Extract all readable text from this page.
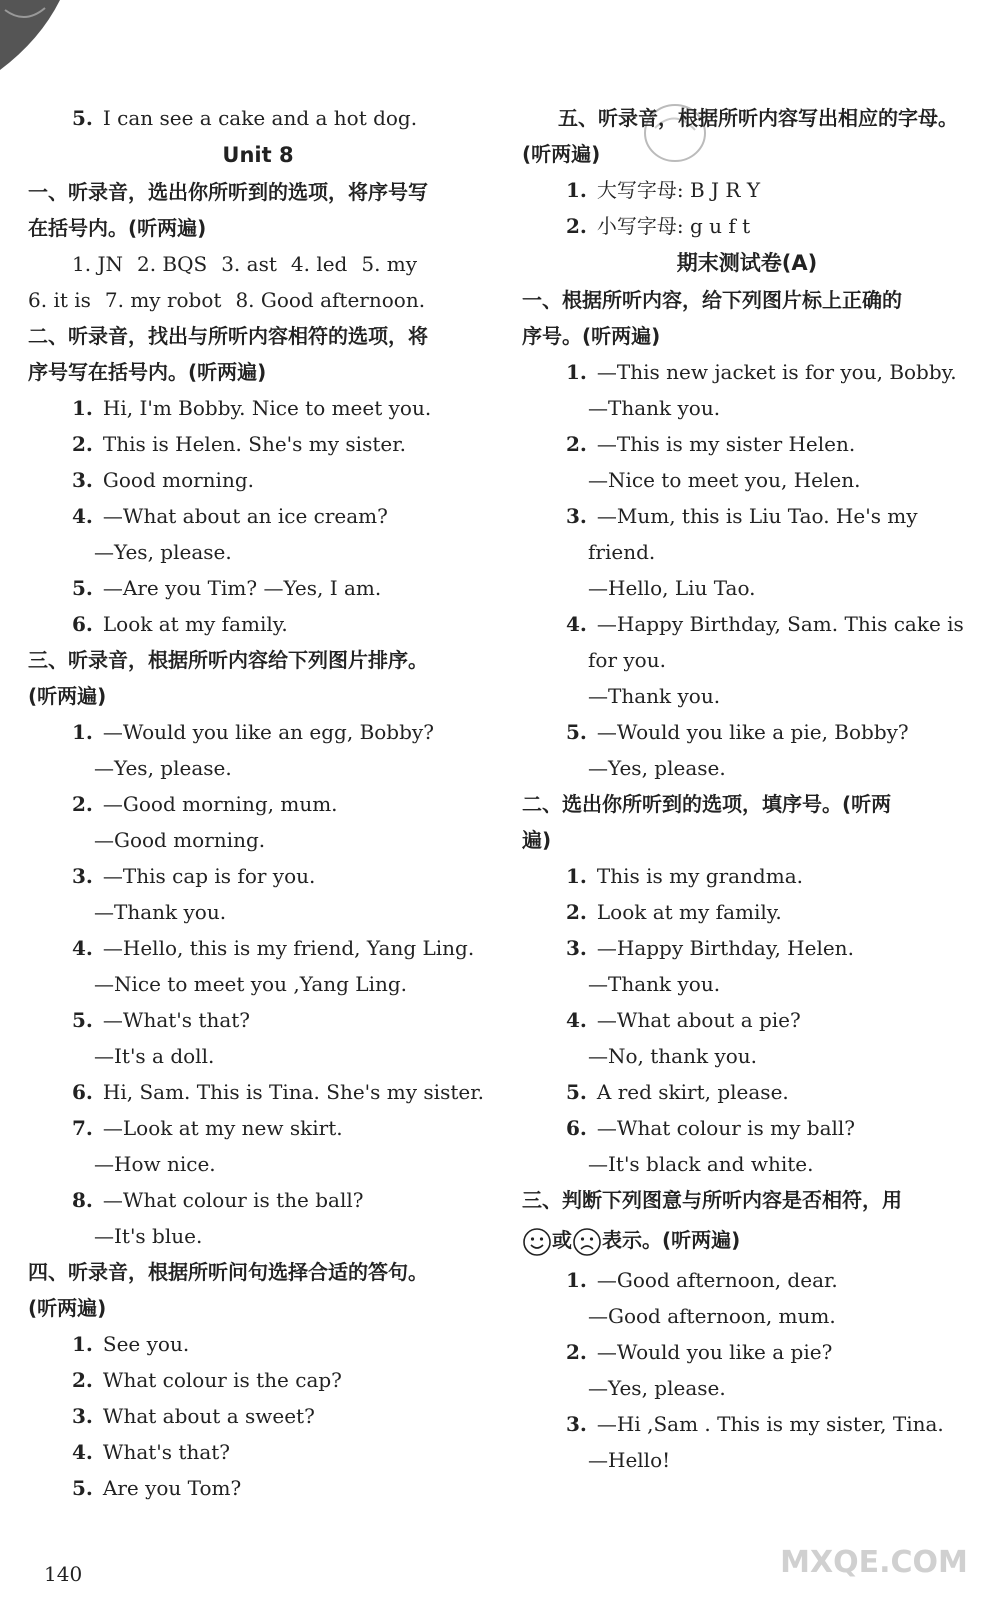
5. I can see a cake and a hot dog.
Unit 8
一、听录音，选出你所听到的选项，将序号写
在括号内。(听两遍)
1. JN 2. BQS 3. ast 4. led 5. my
6. it is 7. my robot 8. Good afternoon.
二、听录音，找出与所听内容相符的选项，将
序号写在括号内。(听两遍)
1. Hi, I'm Bobby. Nice to meet you.
2. This is Helen. She's my sister.
3. Good morning.
4. —What about an ice cream?
—Yes, please.
5. —Are you Tim? —Yes, I am.
6. Look at my family.
三、听录音，根据所听内容给下列图片排序。
(听两遍)
1. —Would you like an egg, Bobby?
—Yes, please.
2. —Good morning, mum.
—Good morning.
3. —This cap is for you.
—Thank you.
4. —Hello, this is my friend, Yang Ling.
—Nice to meet you ,Yang Ling.
5. —What's that?
—It's a doll.
6. Hi, Sam. This is Tina. She's my sister.
7. —Look at my new skirt.
—How nice.
8. —What colour is the ball?
—It's blue.
四、听录音，根据所听问句选择合适的答句。
(听两遍)
1. See you.
2. What colour is the cap?
3. What about a sweet?
4. What's that?
5. Are you Tom?
五、听录音，根据所听内容写出相应的字母。
(听两遍)
1. 大写字母: B J R Y
2. 小写字母: g u f t
期末测试卷(A)
一、根据所听内容，给下列图片标上正确的
序号。(听两遍)
1. —This new jacket is for you, Bobby.
—Thank you.
2. —This is my sister Helen.
—Nice to meet you, Helen.
3. —Mum, this is Liu Tao. He's my
friend.
—Hello, Liu Tao.
4. —Happy Birthday, Sam. This cake is
for you.
—Thank you.
5. —Would you like a pie, Bobby?
—Yes, please.
二、选出你所听到的选项，填序号。(听两
遍)
1. This is my grandma.
2. Look at my family.
3. —Happy Birthday, Helen.
—Thank you.
4. —What about a pie?
—No, thank you.
5. A red skirt, please.
6. —What colour is my ball?
—It's black and white.
三、判断下列图意与所听内容是否相符，用
或 表示。(听两遍)
1. —Good afternoon, dear.
—Good afternoon, mum.
2. —Would you like a pie?
—Yes, please.
3. —Hi ,Sam . This is my sister, Tina.
—Hello!
140	MXQE.COM
